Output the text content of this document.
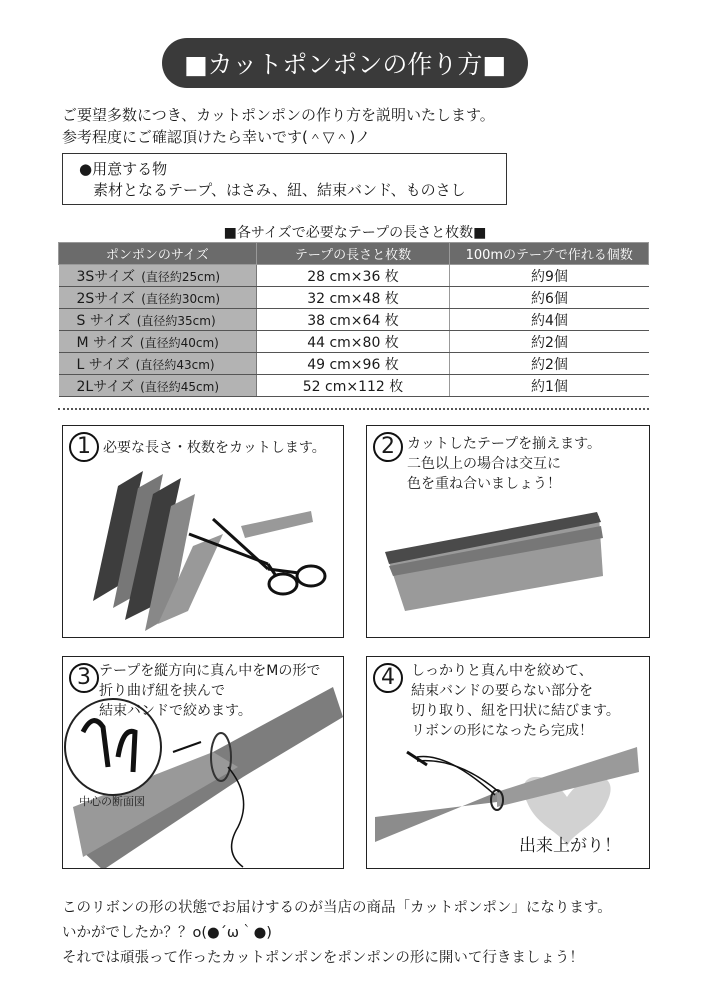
■カットポンポンの作り方■
ご要望多数につき、カットポンポンの作り方を説明いたします。
参考程度にご確認頂けたら幸いです(＾▽＾)ノ
●用意する物
素材となるテープ、はさみ、紐、結束バンド、ものさし
■各サイズで必要なテープの長さと枚数■
ポンポンのサイズ	テープの長さと枚数	100mのテープで作れる個数
3Sサイズ (直径約25cm)	28 cm×36 枚	約9個
2Sサイズ (直径約30cm)	32 cm×48 枚	約6個
S サイズ (直径約35cm)	38 cm×64 枚	約4個
M サイズ (直径約40cm)	44 cm×80 枚	約2個
L サイズ (直径約43cm)	49 cm×96 枚	約2個
2Lサイズ (直径約45cm)	52 cm×112 枚	約1個
1 必要な長さ・枚数をカットします。	2 カットしたテープを揃えます。
二色以上の場合は交互に
色を重ね合いましょう！
3 テープを縦方向に真ん中をMの形で
折り曲げ紐を挟んで
結束バンドで絞めます。
中心の断面図
4	しっかりと真ん中を絞めて、
結束バンドの要らない部分を
切り取り、紐を円状に結びます。
リボンの形になったら完成！
出来上がり！
このリボンの形の状態でお届けするのが当店の商品「カットポンポン」になります。
いかがでしたか？？o(●´ω｀●)
それでは頑張って作ったカットポンポンをポンポンの形に開いて行きましょう！
